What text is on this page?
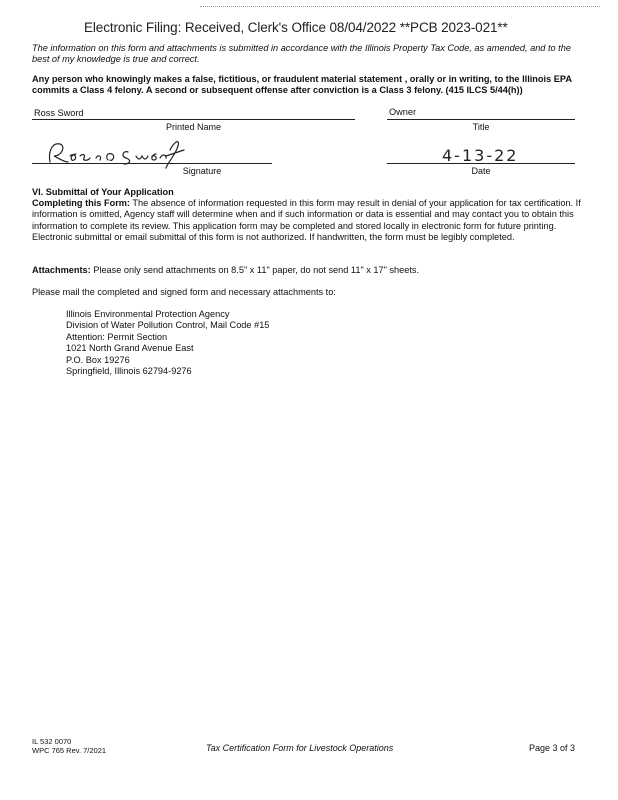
Electronic Filing: Received, Clerk's Office 08/04/2022 **PCB 2023-021**
The information on this form and attachments is submitted in accordance with the Illinois Property Tax Code, as amended, and to the best of my knowledge is true and correct.
Any person who knowingly makes a false, fictitious, or fraudulent material statement , orally or in writing, to the Illinois EPA commits a Class 4 felony. A second or subsequent offense after conviction is a Class 3 felony. (415 ILCS 5/44(h))
Ross Sword	Owner
Printed Name	Title
4-13-22
Signature	Date
VI. Submittal of Your Application
Completing this Form: The absence of information requested in this form may result in denial of your application for tax certification. If information is omitted, Agency staff will determine when and if such information or data is essential and may contact you to obtain this information to complete its review. This application form may be completed and stored locally in electronic form for future printing. Electronic submittal or email submittal of this form is not authorized. If handwritten, the form must be legibly completed.
Attachments: Please only send attachments on 8.5" x 11" paper, do not send 11" x 17" sheets.
Please mail the completed and signed form and necessary attachments to:
Illinois Environmental Protection Agency
Division of Water Pollution Control, Mail Code #15
Attention: Permit Section
1021 North Grand Avenue East
P.O. Box 19276
Springfield, Illinois 62794-9276
IL 532 0070
WPC 765 Rev. 7/2021	Tax Certification Form for Livestock Operations	Page 3 of 3
